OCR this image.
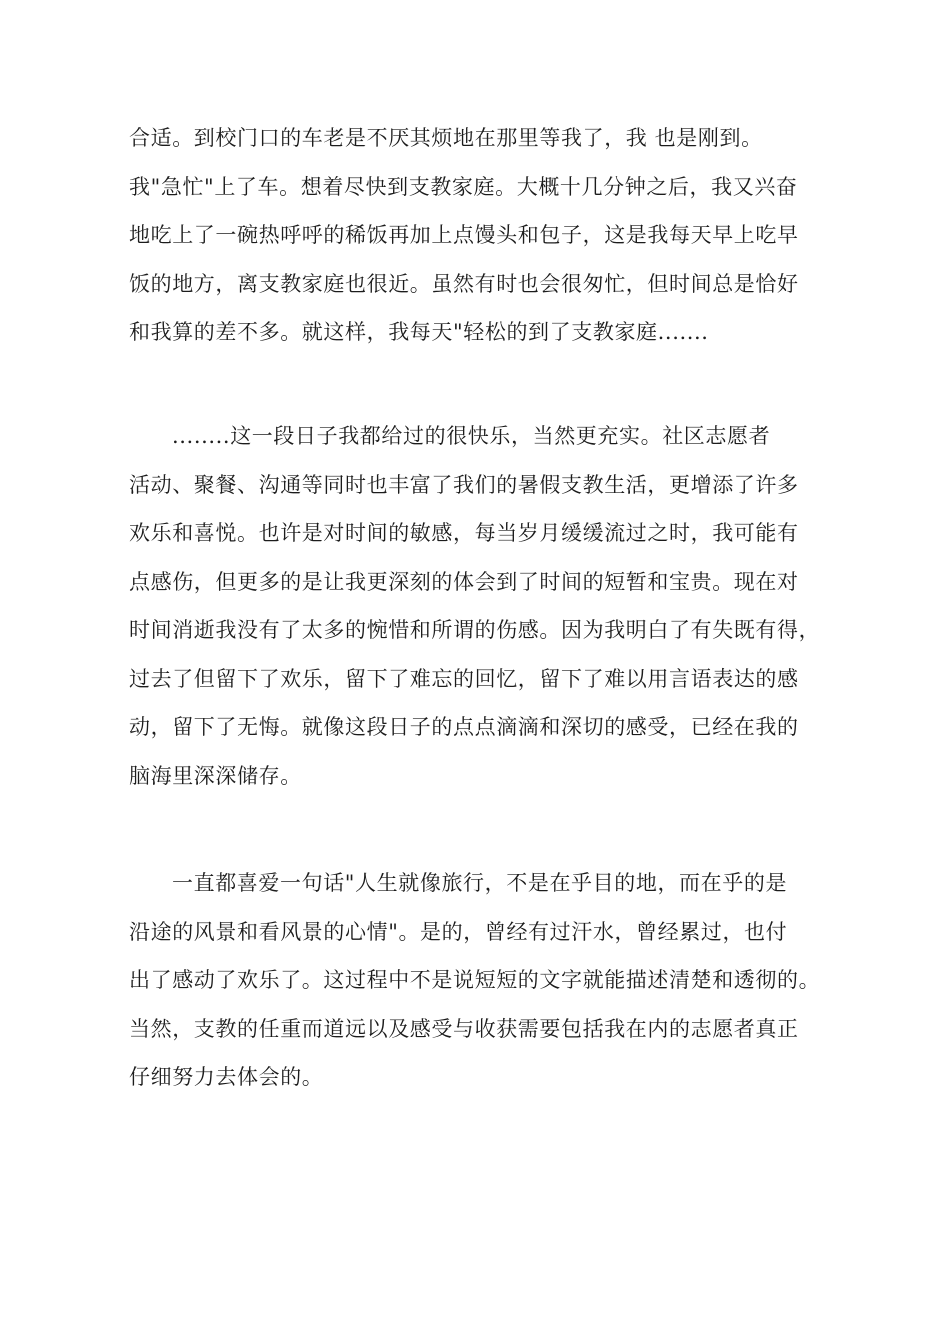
合适。到校门口的车老是不厌其烦地在那里等我了，我 也是刚到。
我"急忙"上了车。想着尽快到支教家庭。大概十几分钟之后，我又兴奋
地吃上了一碗热呼呼的稀饭再加上点馒头和包子，这是我每天早上吃早
饭的地方，离支教家庭也很近。虽然有时也会很匆忙，但时间总是恰好
和我算的差不多。就这样，我每天"轻松的到了支教家庭.......
........这一段日子我都给过的很快乐，当然更充实。社区志愿者
活动、聚餐、沟通等同时也丰富了我们的暑假支教生活，更增添了许多
欢乐和喜悦。也许是对时间的敏感，每当岁月缓缓流过之时，我可能有
点感伤，但更多的是让我更深刻的体会到了时间的短暂和宝贵。现在对
时间消逝我没有了太多的惋惜和所谓的伤感。因为我明白了有失既有得，
过去了但留下了欢乐，留下了难忘的回忆，留下了难以用言语表达的感
动，留下了无悔。就像这段日子的点点滴滴和深切的感受，已经在我的
脑海里深深储存。
一直都喜爱一句话"人生就像旅行，不是在乎目的地，而在乎的是
沿途的风景和看风景的心情"。是的，曾经有过汗水，曾经累过，也付
出了感动了欢乐了。这过程中不是说短短的文字就能描述清楚和透彻的。
当然，支教的任重而道远以及感受与收获需要包括我在内的志愿者真正
仔细努力去体会的。
